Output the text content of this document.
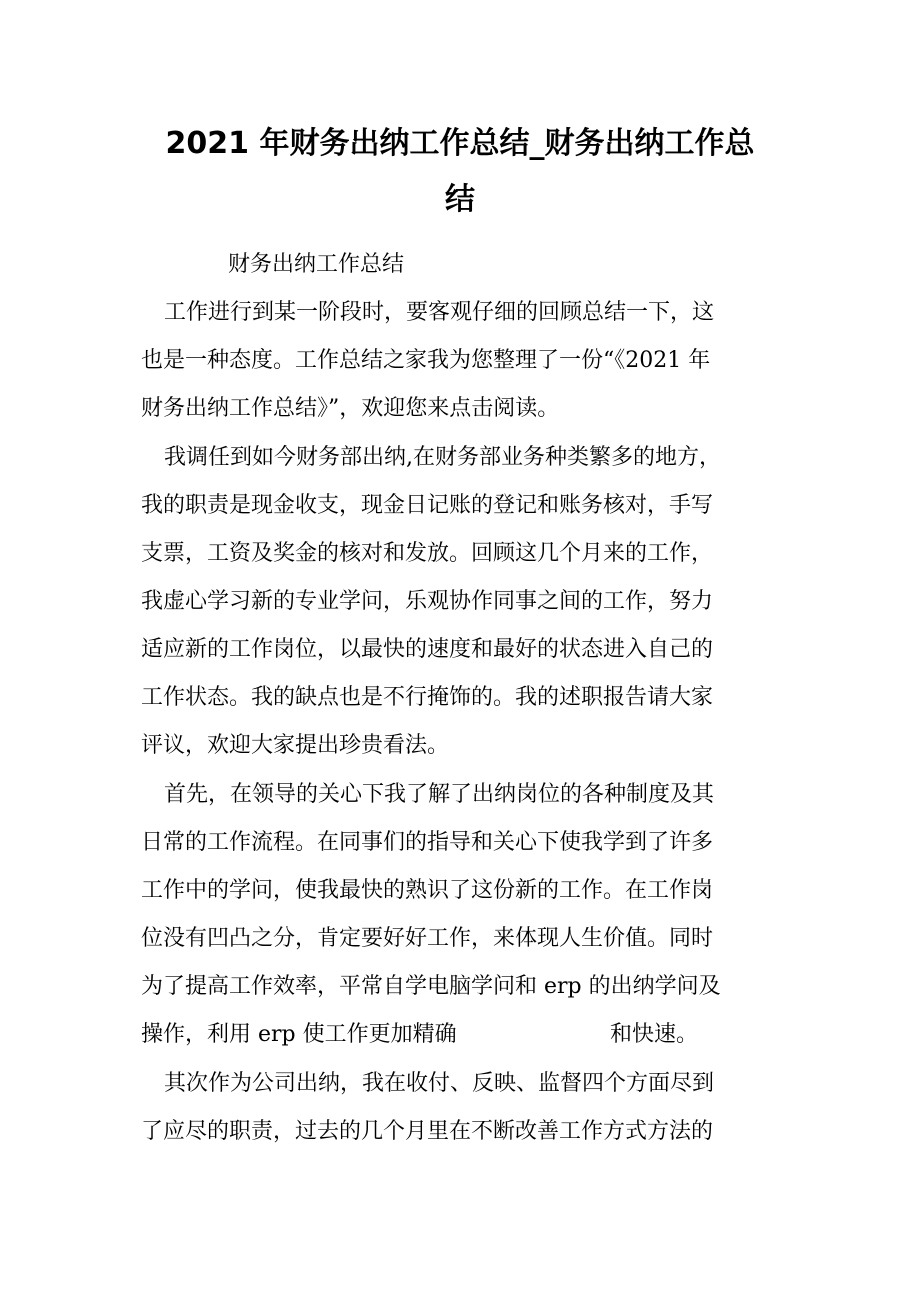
2021 年财务出纳工作总结_财务出纳工作总
结

财务出纳工作总结

工作进行到某一阶段时，要客观仔细的回顾总结一下，这

也是一种态度。工作总结之家我为您整理了一份“《2021 年

财务出纳工作总结》”，欢迎您来点击阅读。

我调任到如今财务部出纳,在财务部业务种类繁多的地方，

我的职责是现金收支，现金日记账的登记和账务核对，手写

支票，工资及奖金的核对和发放。回顾这几个月来的工作，

我虚心学习新的专业学问，乐观协作同事之间的工作，努力

适应新的工作岗位，以最快的速度和最好的状态进入自己的

工作状态。我的缺点也是不行掩饰的。我的述职报告请大家

评议，欢迎大家提出珍贵看法。

首先，在领导的关心下我了解了出纳岗位的各种制度及其

日常的工作流程。在同事们的指导和关心下使我学到了许多

工作中的学问，使我最快的熟识了这份新的工作。在工作岗

位没有凹凸之分，肯定要好好工作，来体现人生价值。同时

为了提高工作效率，平常自学电脑学问和 erp 的出纳学问及

操作，利用 erp 使工作更加精确	和快速。

其次作为公司出纳，我在收付、反映、监督四个方面尽到

了应尽的职责，过去的几个月里在不断改善工作方式方法的
